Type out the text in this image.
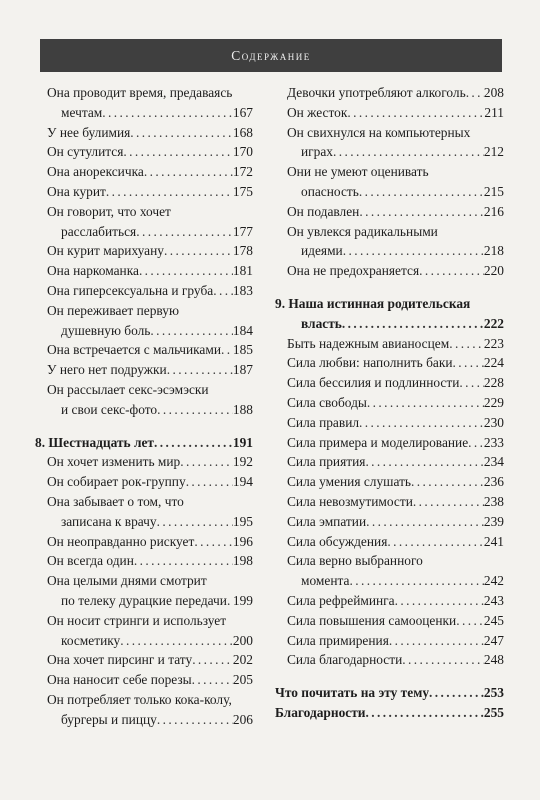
Содержание
Она проводит время, предаваясь
мечтам .....	167
У нее булимия .....	168
Он сутулится .....	170
Она анорексичка .....	172
Она курит .....	175
Он говорит, что хочет
расслабиться .....	177
Он курит марихуану .....	178
Она наркоманка .....	181
Она гиперсексуальна и груба ..... 183
Он переживает первую
душевную боль .....	184
Она встречается с мальчиками ..... 185
У него нет подружки .....	187
Он рассылает секс-эсэмэски
и свои секс-фото .....	188
8. Шестнадцать лет .....	191
Он хочет изменить мир .....	192
Он собирает рок-группу .....	194
Она забывает о том, что
записана к врачу .....	195
Он неоправданно рискует .....	196
Он всегда один .....	198
Она целыми днями смотрит
по телеку дурацкие передачи ..... 199
Он носит стринги и использует
косметику .....	200
Она хочет пирсинг и тату .....	202
Она наносит себе порезы .....	205
Он потребляет только кока-колу,
бургеры и пиццу .....	206
Девочки употребляют алкоголь ..... 208
Он жесток .....	211
Он свихнулся на компьютерных
играх .....	212
Они не умеют оценивать
опасность .....	215
Он подавлен .....	216
Он увлекся радикальными
идеями .....	218
Она не предохраняется .....	220
9. Наша истинная родительская
власть .....	222
Быть надежным авианосцем .....	223
Сила любви: наполнить баки ..... 224
Сила бессилия и подлинности ..... 228
Сила свободы .....	229
Сила правил .....	230
Сила примера и моделирование ..... 233
Сила приятия .....	234
Сила умения слушать .....	236
Сила невозмутимости .....	238
Сила эмпатии .....	239
Сила обсуждения .....	241
Сила верно выбранного
момента .....	242
Сила рефрейминга .....	243
Сила повышения самооценки ..... 245
Сила примирения .....	247
Сила благодарности .....	248
Что почитать на эту тему .....	253
Благодарности .....	255
